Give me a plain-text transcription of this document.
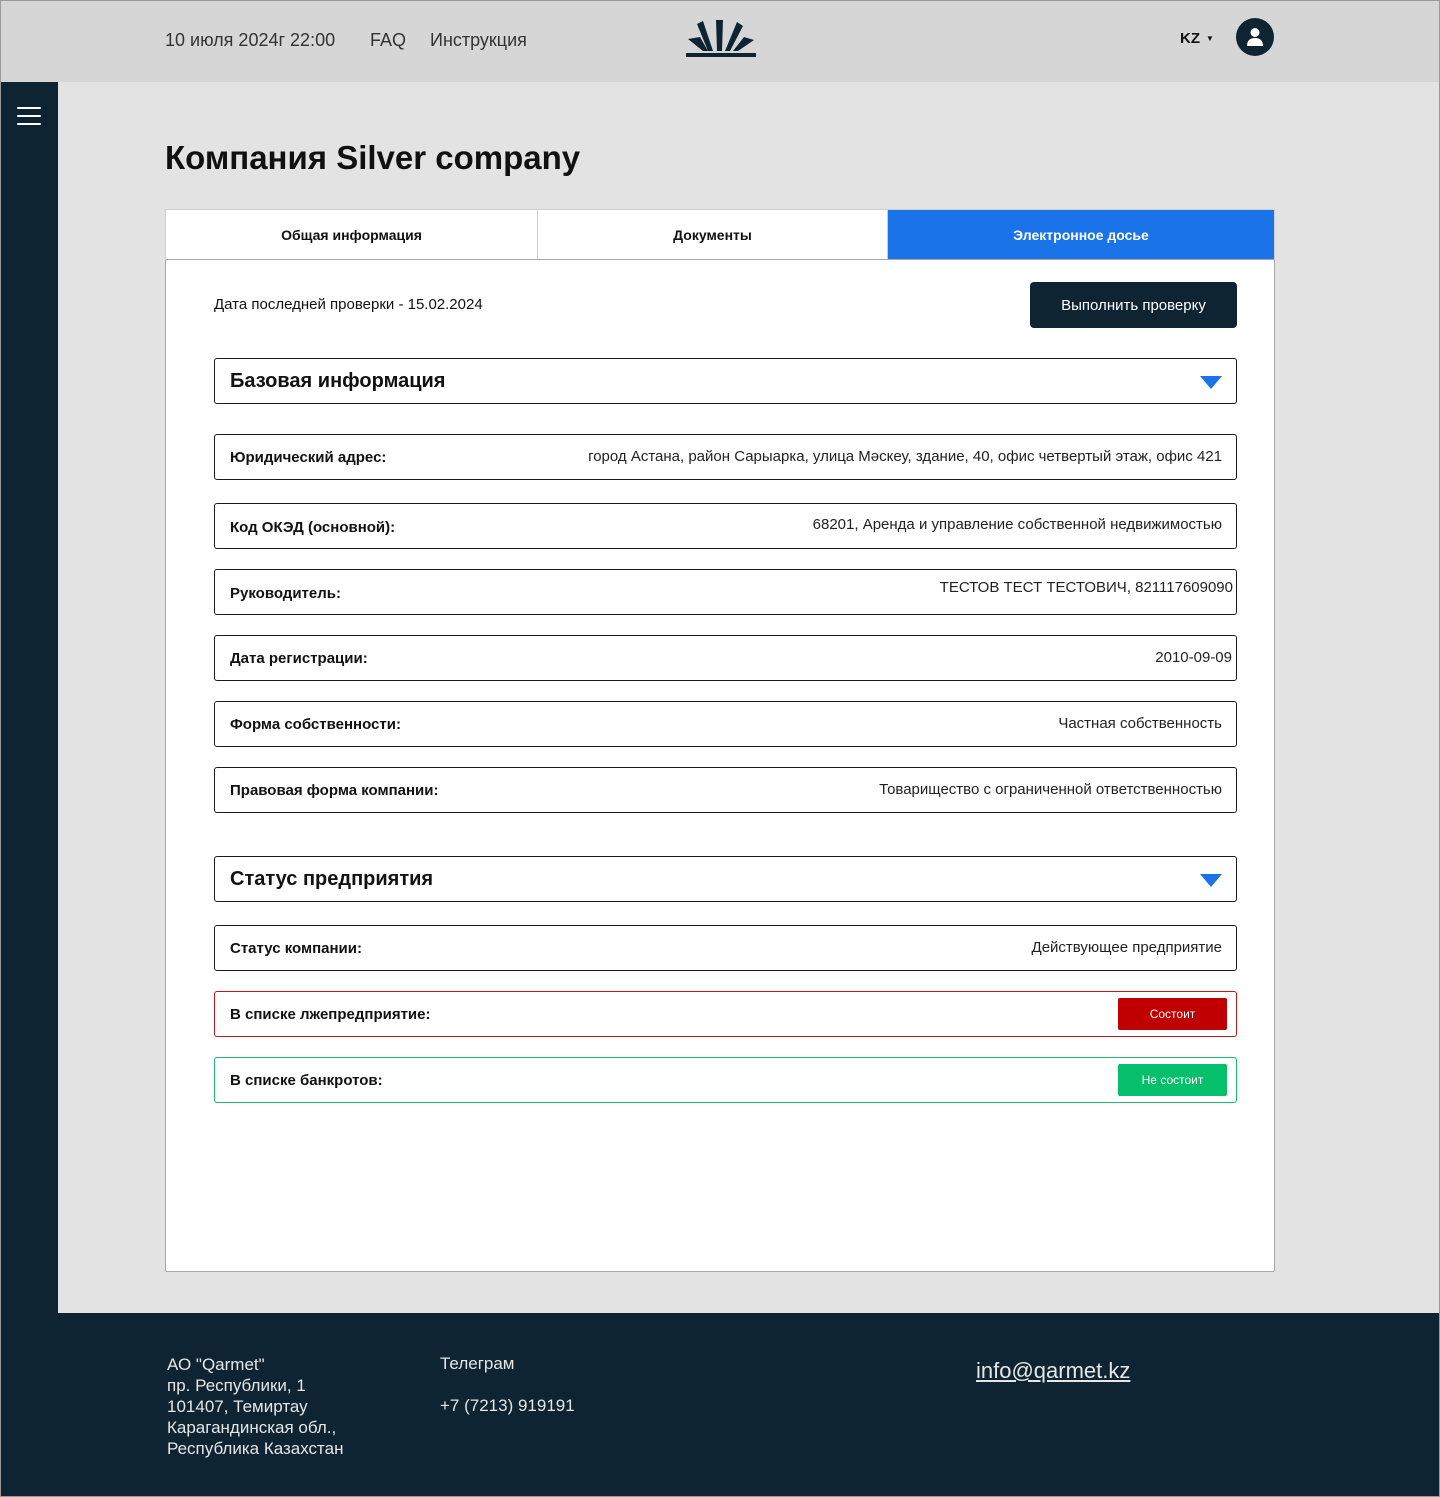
10 июля 2024г 22:00 FAQ Инструкция	KZ ▼
Компания Silver company
Общая информация	Документы	Электронное досье
Дата последней проверки - 15.02.2024	Выполнить проверку
Базовая информация
Юридический адрес:	город Астана, район Сарыарка, улица Мәскеу, здание, 40, офис четвертый этаж, офис 421
Код ОКЭД (основной):	68201, Аренда и управление собственной недвижимостью
Руководитель:	ТЕСТОВ ТЕСТ ТЕСТОВИЧ, 821117609090
Дата регистрации:	2010-09-09
Форма собственности:	Частная собственность
Правовая форма компании:	Товарищество с ограниченной ответственностью
Статус предприятия
Статус компании:	Действующее предприятие
В списке лжепредприятие:	Состоит
В списке банкротов:	Не состоит
АО "Qarmet"
пр. Республики, 1
101407, Темиртау
Карагандинская обл.,
Республика Казахстан
Телеграм
+7 (7213) 919191
info@qarmet.kz
